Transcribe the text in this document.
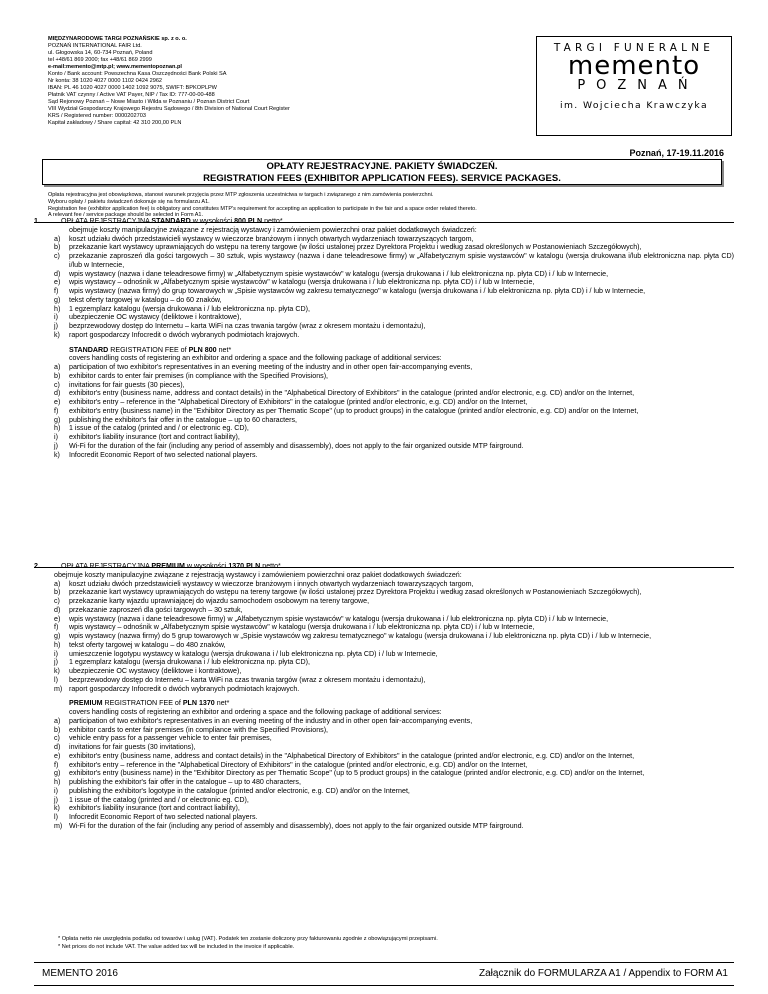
MIĘDZYNARODOWE TARGI POZNAŃSKIE sp. z o. o.
POZNAŃ INTERNATIONAL FAIR Ltd.
ul. Głogowska 14, 60-734 Poznań, Poland
tel +48/61 869 2000; fax +48/61 869 2999
e-mail:memento@mtp.pl; www.mementopoznan.pl
Konto / Bank account: Powszechna Kasa Oszczędności Bank Polski SA
Nr konta: 38 1020 4027 0000 1102 0424 2962
IBAN: PL 46 1020 4027 0000 1402 1092 9075, SWIFT: BPKOPLPW
Płatnik VAT czynny / Active VAT Payer, NIP / Tax ID: 777-00-00-488
Sąd Rejonowy Poznań – Nowe Miasto i Wilda w Poznaniu / Poznan District Court
VIII Wydział Gospodarczy Krajowego Rejestru Sądowego / 8th Division of National Court Register
KRS / Registered number: 0000202703
Kapitał zakładowy / Share capital: 42 310 200,00 PLN
TARGI FUNERALNE
memento
POZNAŃ
im. Wojciecha Krawczyka
Poznań, 17-19.11.2016
OPŁATY REJESTRACYJNE. PAKIETY ŚWIADCZEŃ.
REGISTRATION FEES (EXHIBITOR APPLICATION FEES). SERVICE PACKAGES.
Opłata rejestracyjna jest obowiązkowa, stanowi warunek przyjęcia przez MTP zgłoszenia uczestnictwa w targach i związanego z nim zamówienia powierzchni.
Wyboru opłaty / pakietu świadczeń dokonuje się na formularzu A1.
Registration fee (exhibitor application fee) is obligatory and constitutes MTP's requirement for accepting an application to participate in the fair and a space order related thereto.
A relevant fee / service package should be selected in Form A1.
1.	OPŁATA REJESTRACYJNA STANDARD w wysokości 800 PLN netto*
obejmuje koszty manipulacyjne związane z rejestracją wystawcy i zamówieniem powierzchni oraz pakiet dodatkowych świadczeń:
a) koszt udziału dwóch przedstawicieli wystawcy w wieczorze branżowym i innych otwartych wydarzeniach towarzyszących targom,
b) przekazanie kart wystawcy uprawniających do wstępu na tereny targowe (w ilości ustalonej przez Dyrektora Projektu i według zasad określonych w Postanowieniach Szczegółowych),
c) przekazanie zaproszeń dla gości targowych – 30 sztuk, wpis wystawcy (nazwa i dane teleadresowe firmy) w „Alfabetycznym spisie wystawców" w katalogu (wersja drukowana i/lub elektroniczna nap. płyta CD) i/lub w Internecie,
d) wpis wystawcy (nazwa i dane teleadresowe firmy) w „Alfabetycznym spisie wystawców" w katalogu (wersja drukowana i / lub elektroniczna np. płyta CD) i / lub w Internecie,
e) wpis wystawcy – odnośnik w „Alfabetycznym spisie wystawców" w katalogu (wersja drukowana i / lub elektroniczna np. płyta CD) i / lub w Internecie,
f) wpis wystawcy (nazwa firmy) do grup towarowych w „Spisie wystawców wg zakresu tematycznego" w katalogu (wersja drukowana i / lub elektroniczna np. płyta CD) i / lub w Internecie,
g) tekst oferty targowej w katalogu – do 60 znaków,
h) 1 egzemplarz katalogu (wersja drukowana i / lub elektroniczna np. płyta CD),
i) ubezpieczenie OC wystawcy (deliktowe i kontraktowe),
j) bezprzewodowy dostęp do Internetu – karta WiFi na czas trwania targów (wraz z okresem montażu i demontażu),
k) raport gospodarczy Infocredit o dwóch wybranych podmiotach krajowych.
STANDARD REGISTRATION FEE of PLN 800 net*
covers handling costs of registering an exhibitor and ordering a space and the following package of additional services:
a) participation of two exhibitor's representatives in an evening meeting of the industry and in other open fair-accompanying events,
b) exhibitor cards to enter fair premises (in compliance with the Specified Provisions),
c) invitations for fair guests (30 pieces),
d) exhibitor's entry (business name, address and contact details) in the "Alphabetical Directory of Exhibitors" in the catalogue (printed and/or electronic, e.g. CD) and/or on the Internet,
e) exhibitor's entry – reference in the "Alphabetical Directory of Exhibitors" in the catalogue (printed and/or electronic, e.g. CD) and/or on the Internet,
f) exhibitor's entry (business name) in the "Exhibitor Directory as per Thematic Scope" (up to product groups) in the catalogue (printed and/or electronic, e.g. CD) and/or on the Internet,
g) publishing the exhibitor's fair offer in the catalogue – up to 60 characters,
h) 1 issue of the catalog (printed and / or electronic eg. CD),
i) exhibitor's liability insurance (tort and contract liability),
j) Wi-Fi for the duration of the fair (including any period of assembly and disassembly), does not apply to the fair organized outside MTP fairground.
k) Infocredit Economic Report of two selected national players.
2.	OPŁATA REJESTRACYJNA PREMIUM w wysokości 1370 PLN netto*
obejmuje koszty manipulacyjne związane z rejestracją wystawcy i zamówieniem powierzchni oraz pakiet dodatkowych świadczeń:
a) koszt udziału dwóch przedstawicieli wystawcy w wieczorze branżowym i innych otwartych wydarzeniach towarzyszących targom,
b) przekazanie kart wystawcy uprawniających do wstępu na tereny targowe (w ilości ustalonej przez Dyrektora Projektu i według zasad określonych w Postanowieniach Szczegółowych),
c) przekazanie karty wjazdu uprawniającej do wjazdu samochodem osobowym na tereny targowe,
d) przekazanie zaproszeń dla gości targowych – 30 sztuk,
e) wpis wystawcy (nazwa i dane teleadresowe firmy) w „Alfabetycznym spisie wystawców" w katalogu (wersja drukowana i / lub elektroniczna np. płyta CD) i / lub w Internecie,
f) wpis wystawcy – odnośnik w „Alfabetycznym spisie wystawców" w katalogu (wersja drukowana i / lub elektroniczna np. płyta CD) i / lub w Internecie,
g) wpis wystawcy (nazwa firmy) do 5 grup towarowych w „Spisie wystawców wg zakresu tematycznego" w katalogu (wersja drukowana i / lub elektroniczna np. płyta CD) i / lub w Internecie,
h) tekst oferty targowej w katalogu – do 480 znaków,
i) umieszczenie logotypu wystawcy w katalogu (wersja drukowana i / lub elektroniczna np. płyta CD) i / lub w Internecie,
j) 1 egzemplarz katalogu (wersja drukowana i / lub elektroniczna np. płyta CD),
k) ubezpieczenie OC wystawcy (deliktowe i kontraktowe),
l) bezprzewodowy dostęp do Internetu – karta WiFi na czas trwania targów (wraz z okresem montażu i demontażu),
m) raport gospodarczy Infocredit o dwóch wybranych podmiotach krajowych.
PREMIUM REGISTRATION FEE of PLN 1370 net*
covers handling costs of registering an exhibitor and ordering a space and the following package of additional services:
a) participation of two exhibitor's representatives in an evening meeting of the industry and in other open fair-accompanying events,
b) exhibitor cards to enter fair premises (in compliance with the Specified Provisions),
c) vehicle entry pass for a passenger vehicle to enter fair premises,
d) invitations for fair guests (30 invitations),
e) exhibitor's entry (business name, address and contact details) in the "Alphabetical Directory of Exhibitors" in the catalogue (printed and/or electronic, e.g. CD) and/or on the Internet,
f) exhibitor's entry – reference in the "Alphabetical Directory of Exhibitors" in the catalogue (printed and/or electronic, e.g. CD) and/or on the Internet,
g) exhibitor's entry (business name) in the "Exhibitor Directory as per Thematic Scope" (up to 5 product groups) in the catalogue (printed and/or electronic, e.g. CD) and/or on the Internet,
h) publishing the exhibitor's fair offer in the catalogue – up to 480 characters,
i) publishing the exhibitor's logotype in the catalogue (printed and/or electronic, e.g. CD) and/or on the Internet,
j) 1 issue of the catalog (printed and / or electronic eg. CD),
k) exhibitor's liability insurance (tort and contract liability),
l) Infocredit Economic Report of two selected national players.
m) Wi-Fi for the duration of the fair (including any period of assembly and disassembly), does not apply to the fair organized outside MTP fairground.
* Opłata netto nie uwzględnia podatku od towarów i usług (VAT). Podatek ten zostanie doliczony przy fakturowaniu zgodnie z obowiązującymi przepisami.
* Net prices do not include VAT. The value added tax will be included in the invoice if applicable.
MEMENTO 2016	Załącznik do FORMULARZA A1 / Appendix to FORM A1
